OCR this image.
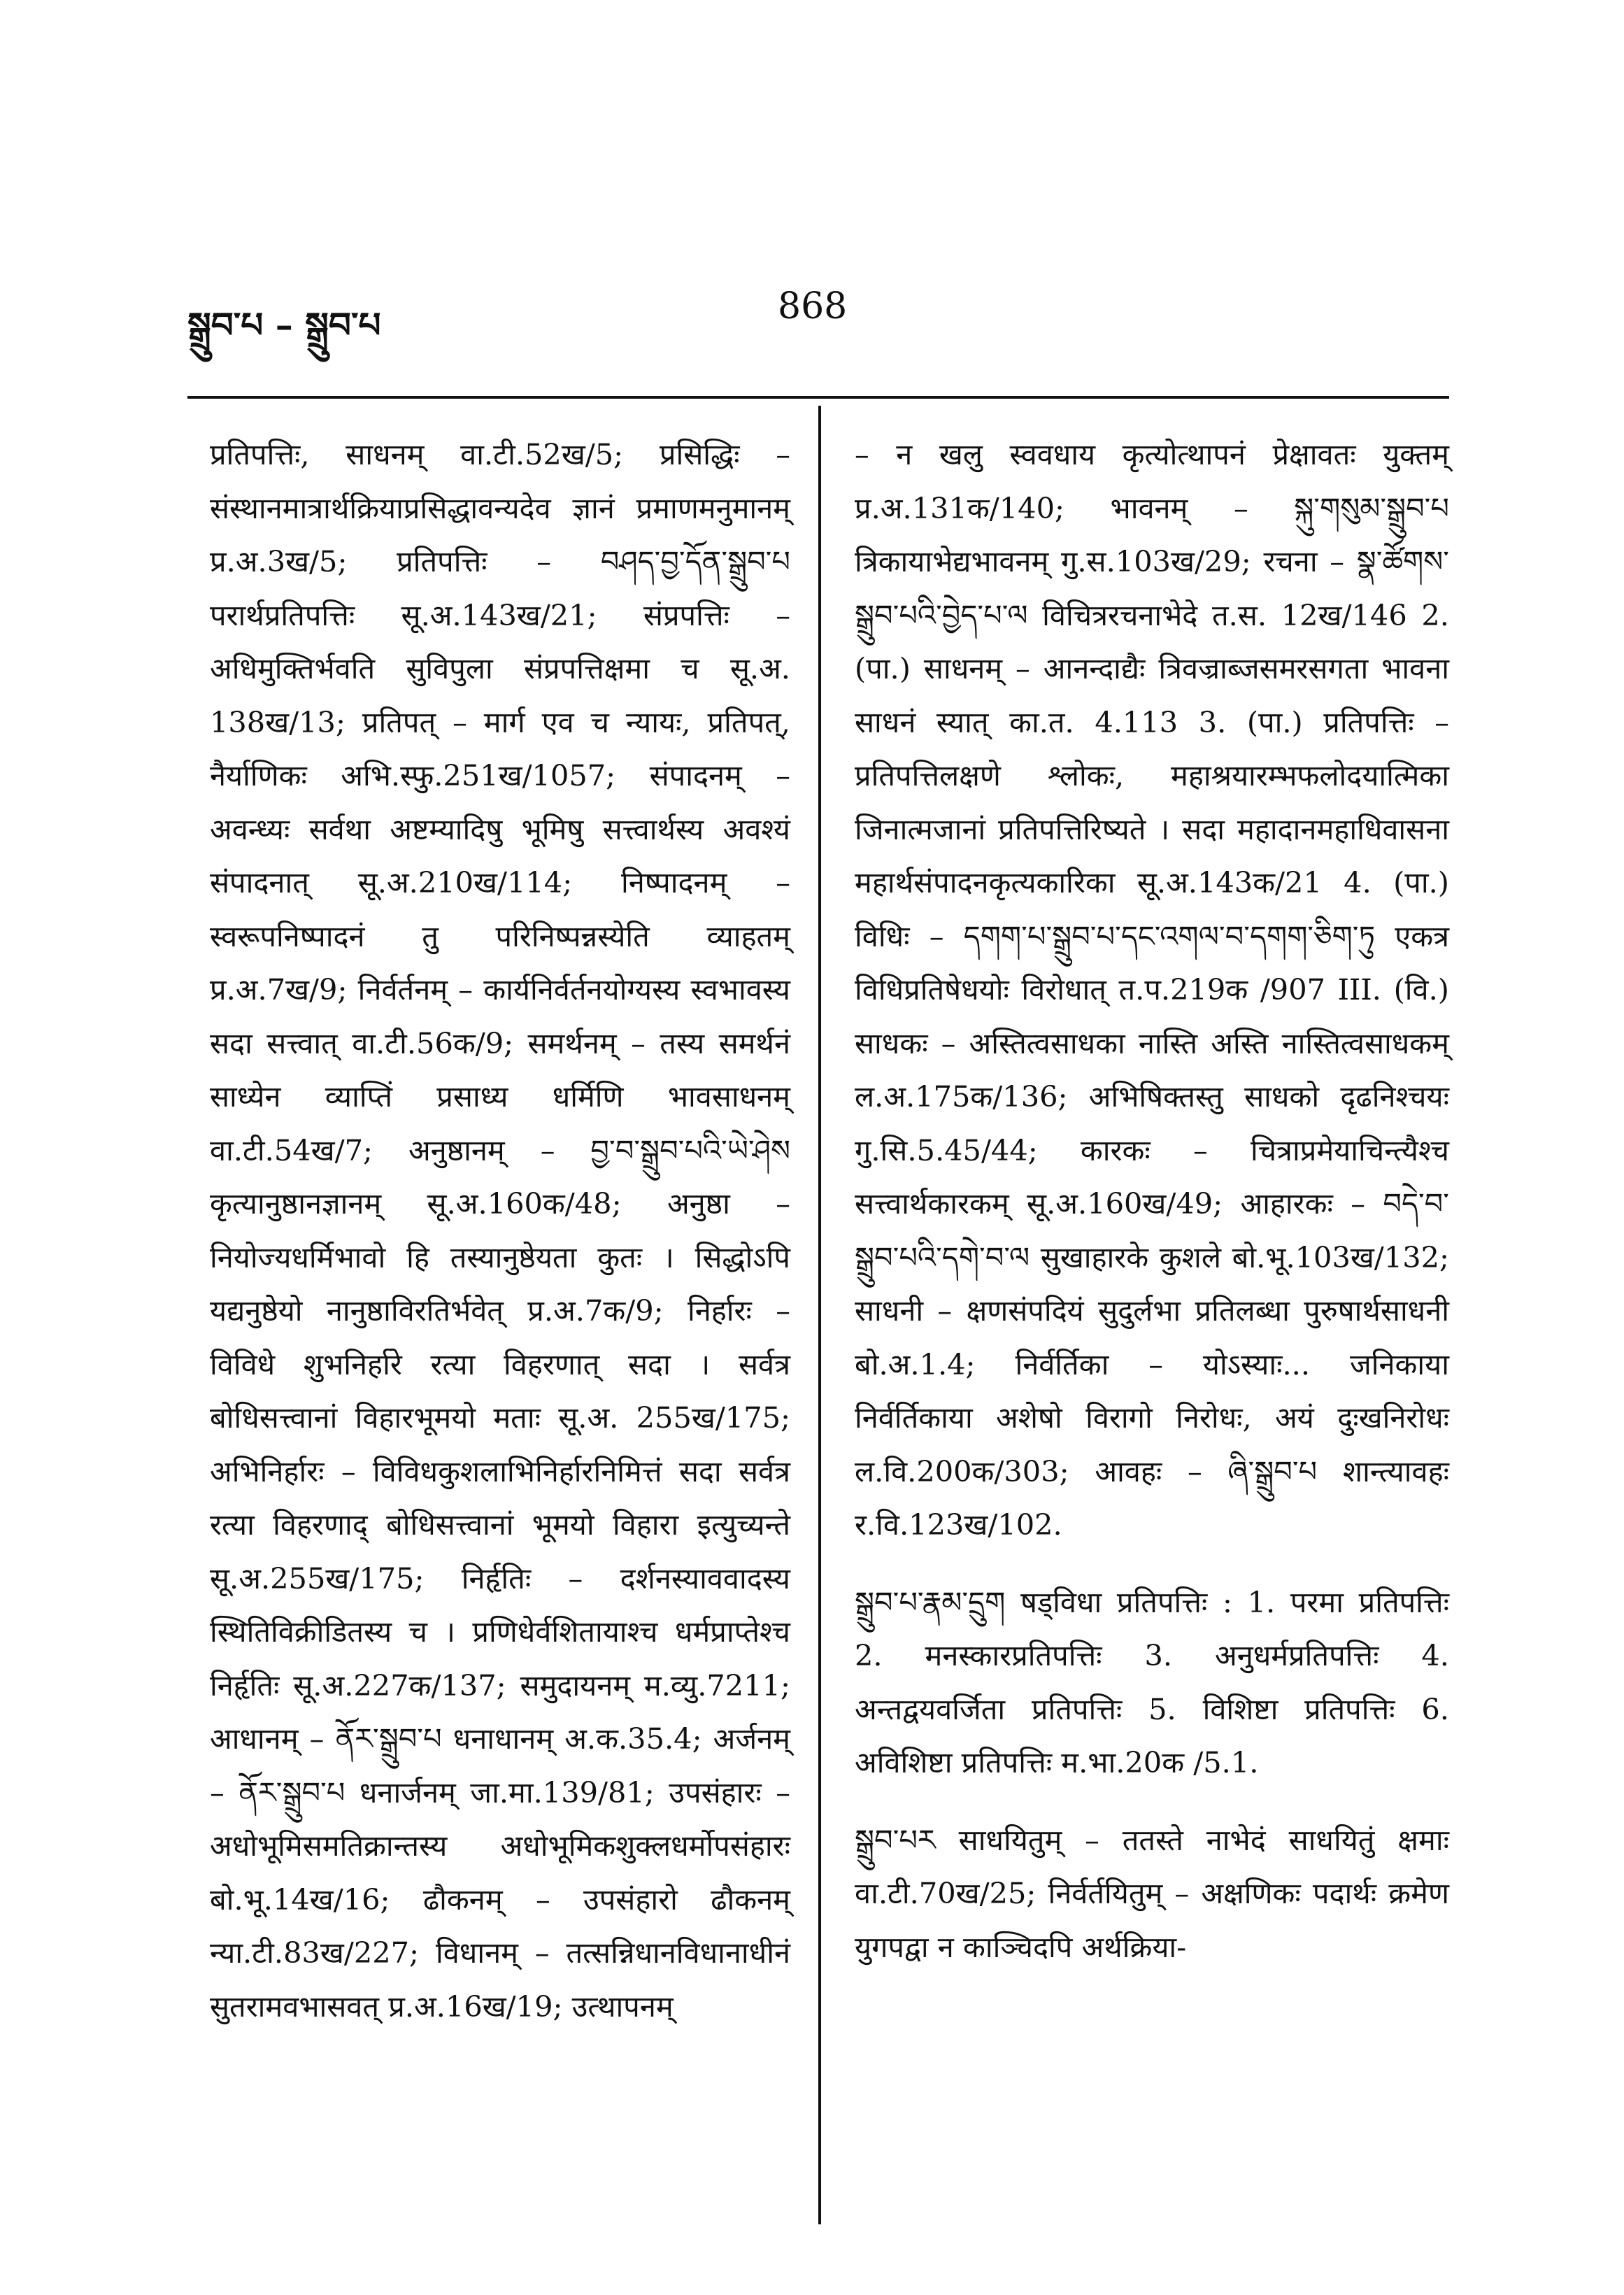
སྒྲུབ་པ – སྒྲུབ་པ	868

प्रतिपत्तिः, साधनम् वा.टी.52ख/5; प्रसिद्धिः – संस्थानमात्रार्थक्रियाप्रसिद्धावन्यदेव ज्ञानं प्रमाणमनुमानम् प्र.अ.3ख/5; प्रतिपत्तिः – བཤད་བྱ་དོན་སྒྲུབ་པ परार्थप्रतिपत्तिः सू.अ.143ख/21; संप्रपत्तिः – अधिमुक्तिर्भवति सुविपुला संप्रपत्तिक्षमा च सू.अ. 138ख/13; प्रतिपत् – मार्ग एव च न्यायः, प्रतिपत्, नैर्याणिकः अभि.स्फु.251ख/1057; संपादनम् – अवन्ध्यः सर्वथा अष्टम्यादिषु भूमिषु सत्त्वार्थस्य अवश्यं संपादनात् सू.अ.210ख/114; निष्पादनम् – स्वरूपनिष्पादनं तु परिनिष्पन्नस्येति व्याहतम् प्र.अ.7ख/9; निर्वर्तनम् – कार्यनिर्वर्तनयोग्यस्य स्वभावस्य सदा सत्त्वात् वा.टी.56क/9; समर्थनम् – तस्य समर्थनं साध्येन व्याप्तिं प्रसाध्य धर्मिणि भावसाधनम् वा.टी.54ख/7; अनुष्ठानम् – བྱ་བ་སྒྲུབ་པའི་ཡེ་ཤེས कृत्यानुष्ठानज्ञानम् सू.अ.160क/48; अनुष्ठा – नियोज्यधर्मिभावो हि तस्यानुष्ठेयता कुतः । सिद्धोऽपि यद्यनुष्ठेयो नानुष्ठाविरतिर्भवेत् प्र.अ.7क/9; निर्हारः – विविधे शुभनिर्हारे रत्या विहरणात् सदा । सर्वत्र बोधिसत्त्वानां विहारभूमयो मताः सू.अ. 255ख/175; अभिनिर्हारः – विविधकुशलाभिनिर्हारनिमित्तं सदा सर्वत्र रत्या विहरणाद् बोधिसत्त्वानां भूमयो विहारा इत्युच्यन्ते सू.अ.255ख/175; निर्हृतिः – दर्शनस्याववादस्य स्थितिविक्रीडितस्य च । प्रणिधेर्वशितायाश्च धर्मप्राप्तेश्च निर्हृतिः सू.अ.227क/137; समुदायनम् म.व्यु.7211; आधानम् – ནོར་སྒྲུབ་པ धनाधानम् अ.क.35.4; अर्जनम् – ནོར་སྒྲུབ་པ धनार्जनम् जा.मा.139/81; उपसंहारः – अधोभूमिसमतिक्रान्तस्य अधोभूमिकशुक्लधर्मोपसंहारः बो.भू.14ख/16; ढौकनम् – उपसंहारो ढौकनम् न्या.टी.83ख/227; विधानम् – तत्सन्निधानविधानाधीनं सुतरामवभासवत् प्र.अ.16ख/19; उत्थापनम्

– न खलु स्ववधाय कृत्योत्थापनं प्रेक्षावतः युक्तम् प्र.अ.131क/140; भावनम् – སྐུ་གསུམ་སྒྲུབ་པ त्रिकायाभेद्यभावनम् गु.स.103ख/29; रचना – སྣ་ཚོགས་སྒྲུབ་པའི་བྱེད་པ་ལ विचित्ररचनाभेदे त.स. 12ख/146 2. (पा.) साधनम् – आनन्दाद्यैः त्रिवज्राब्जसमरसगता भावना साधनं स्यात् का.त. 4.113 3. (पा.) प्रतिपत्तिः – प्रतिपत्तिलक्षणे श्लोकः, महाश्रयारम्भफलोदयात्मिका जिनात्मजानां प्रतिपत्तिरिष्यते । सदा महादानमहाधिवासना महार्थसंपादनकृत्यकारिका सू.अ.143क/21 4. (पा.) विधिः – དགག་པ་སྒྲུབ་པ་དང་འགལ་བ་དགག་ཅིག་ཏུ एकत्र विधिप्रतिषेधयोः विरोधात् त.प.219क /907 III. (वि.) साधकः – अस्तित्वसाधका नास्ति अस्ति नास्तित्वसाधकम् ल.अ.175क/136; अभिषिक्तस्तु साधको दृढनिश्चयः गु.सि.5.45/44; कारकः – चित्राप्रमेयाचिन्त्यैश्च सत्त्वार्थकारकम् सू.अ.160ख/49; आहारकः – བདེ་བ་སྒྲུབ་པའི་དགེ་བ་ལ सुखाहारके कुशले बो.भू.103ख/132; साधनी – क्षणसंपदियं सुदुर्लभा प्रतिलब्धा पुरुषार्थसाधनी बो.अ.1.4; निर्वर्तिका – योऽस्याः... जनिकाया निर्वर्तिकाया अशेषो विरागो निरोधः, अयं दुःखनिरोधः ल.वि.200क/303; आवहः – ཞི་སྒྲུབ་པ शान्त्यावहः र.वि.123ख/102.

སྒྲུབ་པ་རྣམ་དྲུག षड्विधा प्रतिपत्तिः : 1. परमा प्रतिपत्तिः 2. मनस्कारप्रतिपत्तिः 3. अनुधर्मप्रतिपत्तिः 4. अन्तद्वयवर्जिता प्रतिपत्तिः 5. विशिष्टा प्रतिपत्तिः 6. अविशिष्टा प्रतिपत्तिः म.भा.20क /5.1.

སྒྲུབ་པར साधयितुम् – ततस्ते नाभेदं साधयितुं क्षमाः वा.टी.70ख/25; निर्वर्तयितुम् – अक्षणिकः पदार्थः क्रमेण युगपद्वा न काञ्चिदपि अर्थक्रिया-
